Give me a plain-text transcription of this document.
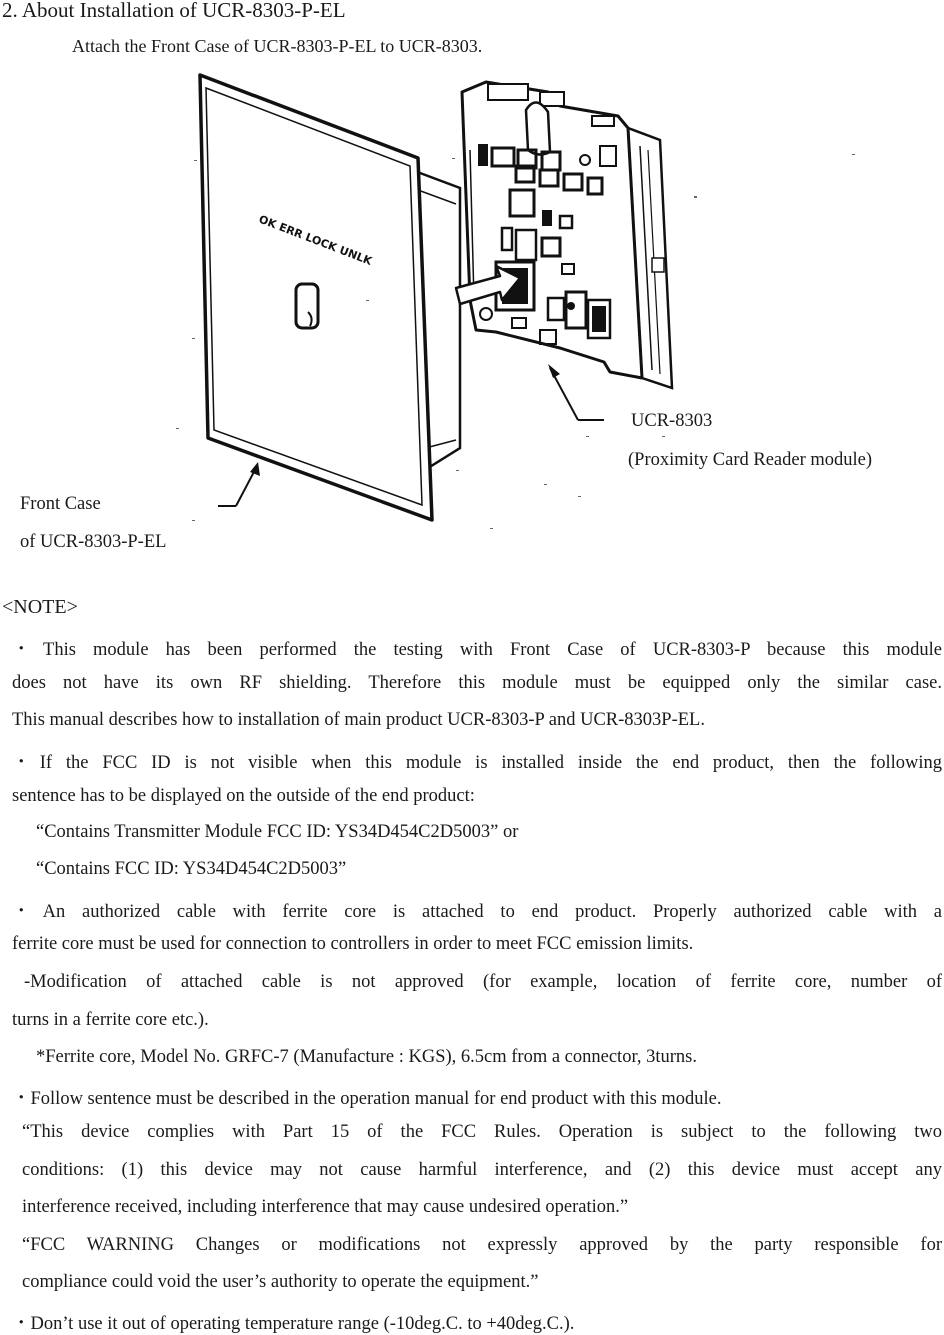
2. About Installation of UCR-8303-P-EL
Attach the Front Case of UCR-8303-P-EL to UCR-8303.
OK ERR LOCK UNLK
UCR-8303
(Proximity Card Reader module)
Front Case
of UCR-8303-P-EL
<NOTE>
・This module has been performed the testing with Front Case of UCR-8303-P because this module
does not have its own RF shielding. Therefore this module must be equipped only the similar case.
This manual describes how to installation of main product UCR-8303-P and UCR-8303P-EL.
・If the FCC ID is not visible when this module is installed inside the end product, then the following
sentence has to be displayed on the outside of the end product:
“Contains Transmitter Module FCC ID: YS34D454C2D5003” or
“Contains FCC ID: YS34D454C2D5003”
・An authorized cable with ferrite core is attached to end product. Properly authorized cable with a
ferrite core must be used for connection to controllers in order to meet FCC emission limits.
-Modification of attached cable is not approved (for example, location of ferrite core, number of
turns in a ferrite core etc.).
*Ferrite core, Model No. GRFC-7 (Manufacture : KGS), 6.5cm from a connector, 3turns.
・Follow sentence must be described in the operation manual for end product with this module.
“This device complies with Part 15 of the FCC Rules. Operation is subject to the following two
conditions: (1) this device may not cause harmful interference, and (2) this device must accept any
interference received, including interference that may cause undesired operation.”
“FCC WARNING Changes or modifications not expressly approved by the party responsible for
compliance could void the user’s authority to operate the equipment.”
・Don’t use it out of operating temperature range (-10deg.C. to +40deg.C.).
